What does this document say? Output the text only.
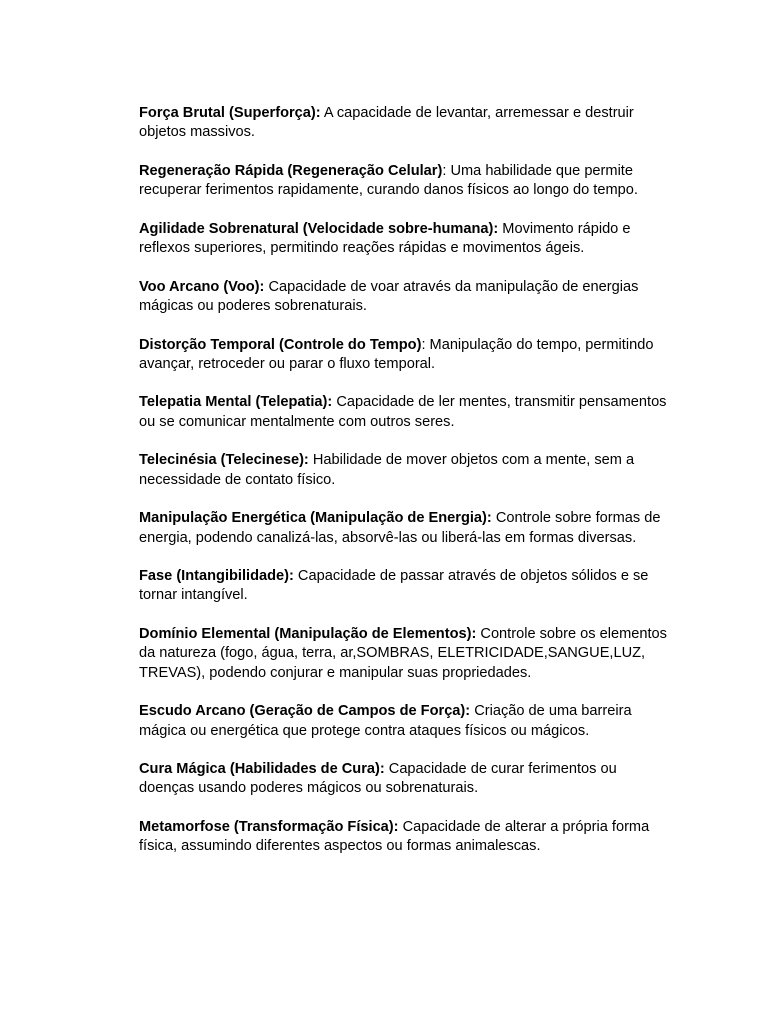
Força Brutal (Superforça): A capacidade de levantar, arremessar e destruir objetos massivos.

Regeneração Rápida (Regeneração Celular): Uma habilidade que permite recuperar ferimentos rapidamente, curando danos físicos ao longo do tempo.

Agilidade Sobrenatural (Velocidade sobre-humana): Movimento rápido e reflexos superiores, permitindo reações rápidas e movimentos ágeis.

Voo Arcano (Voo): Capacidade de voar através da manipulação de energias mágicas ou poderes sobrenaturais.

Distorção Temporal (Controle do Tempo): Manipulação do tempo, permitindo avançar, retroceder ou parar o fluxo temporal.

Telepatia Mental (Telepatia): Capacidade de ler mentes, transmitir pensamentos ou se comunicar mentalmente com outros seres.

Telecinésia (Telecinese): Habilidade de mover objetos com a mente, sem a necessidade de contato físico.

Manipulação Energética (Manipulação de Energia): Controle sobre formas de energia, podendo canalizá-las, absorvê-las ou liberá-las em formas diversas.

Fase (Intangibilidade): Capacidade de passar através de objetos sólidos e se tornar intangível.

Domínio Elemental (Manipulação de Elementos): Controle sobre os elementos da natureza (fogo, água, terra, ar,SOMBRAS, ELETRICIDADE,SANGUE,LUZ, TREVAS), podendo conjurar e manipular suas propriedades.

Escudo Arcano (Geração de Campos de Força): Criação de uma barreira mágica ou energética que protege contra ataques físicos ou mágicos.

Cura Mágica (Habilidades de Cura): Capacidade de curar ferimentos ou doenças usando poderes mágicos ou sobrenaturais.

Metamorfose (Transformação Física): Capacidade de alterar a própria forma física, assumindo diferentes aspectos ou formas animalescas.
